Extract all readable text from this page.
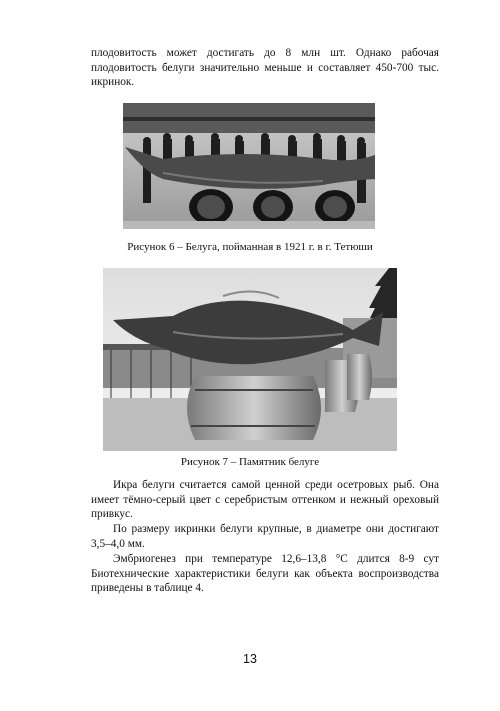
плодовитость может достигать до 8 млн шт. Однако рабочая плодовитость белуги значительно меньше и составляет 450-700 тыс. икринок.

Рисунок 6 – Белуга, пойманная в 1921 г. в г. Тетюши

Рисунок 7 – Памятник белуге

Икра белуги считается самой ценной среди осетровых рыб. Она имеет тёмно-серый цвет с серебристым оттенком и нежный ореховый привкус.

По размеру икринки белуги крупные, в диаметре они достигают 3,5–4,0 мм.

Эмбриогенез при температуре 12,6–13,8 °С длится 8-9 сут Биотехнические характеристики белуги как объекта воспроизводства приведены в таблице 4.

13
